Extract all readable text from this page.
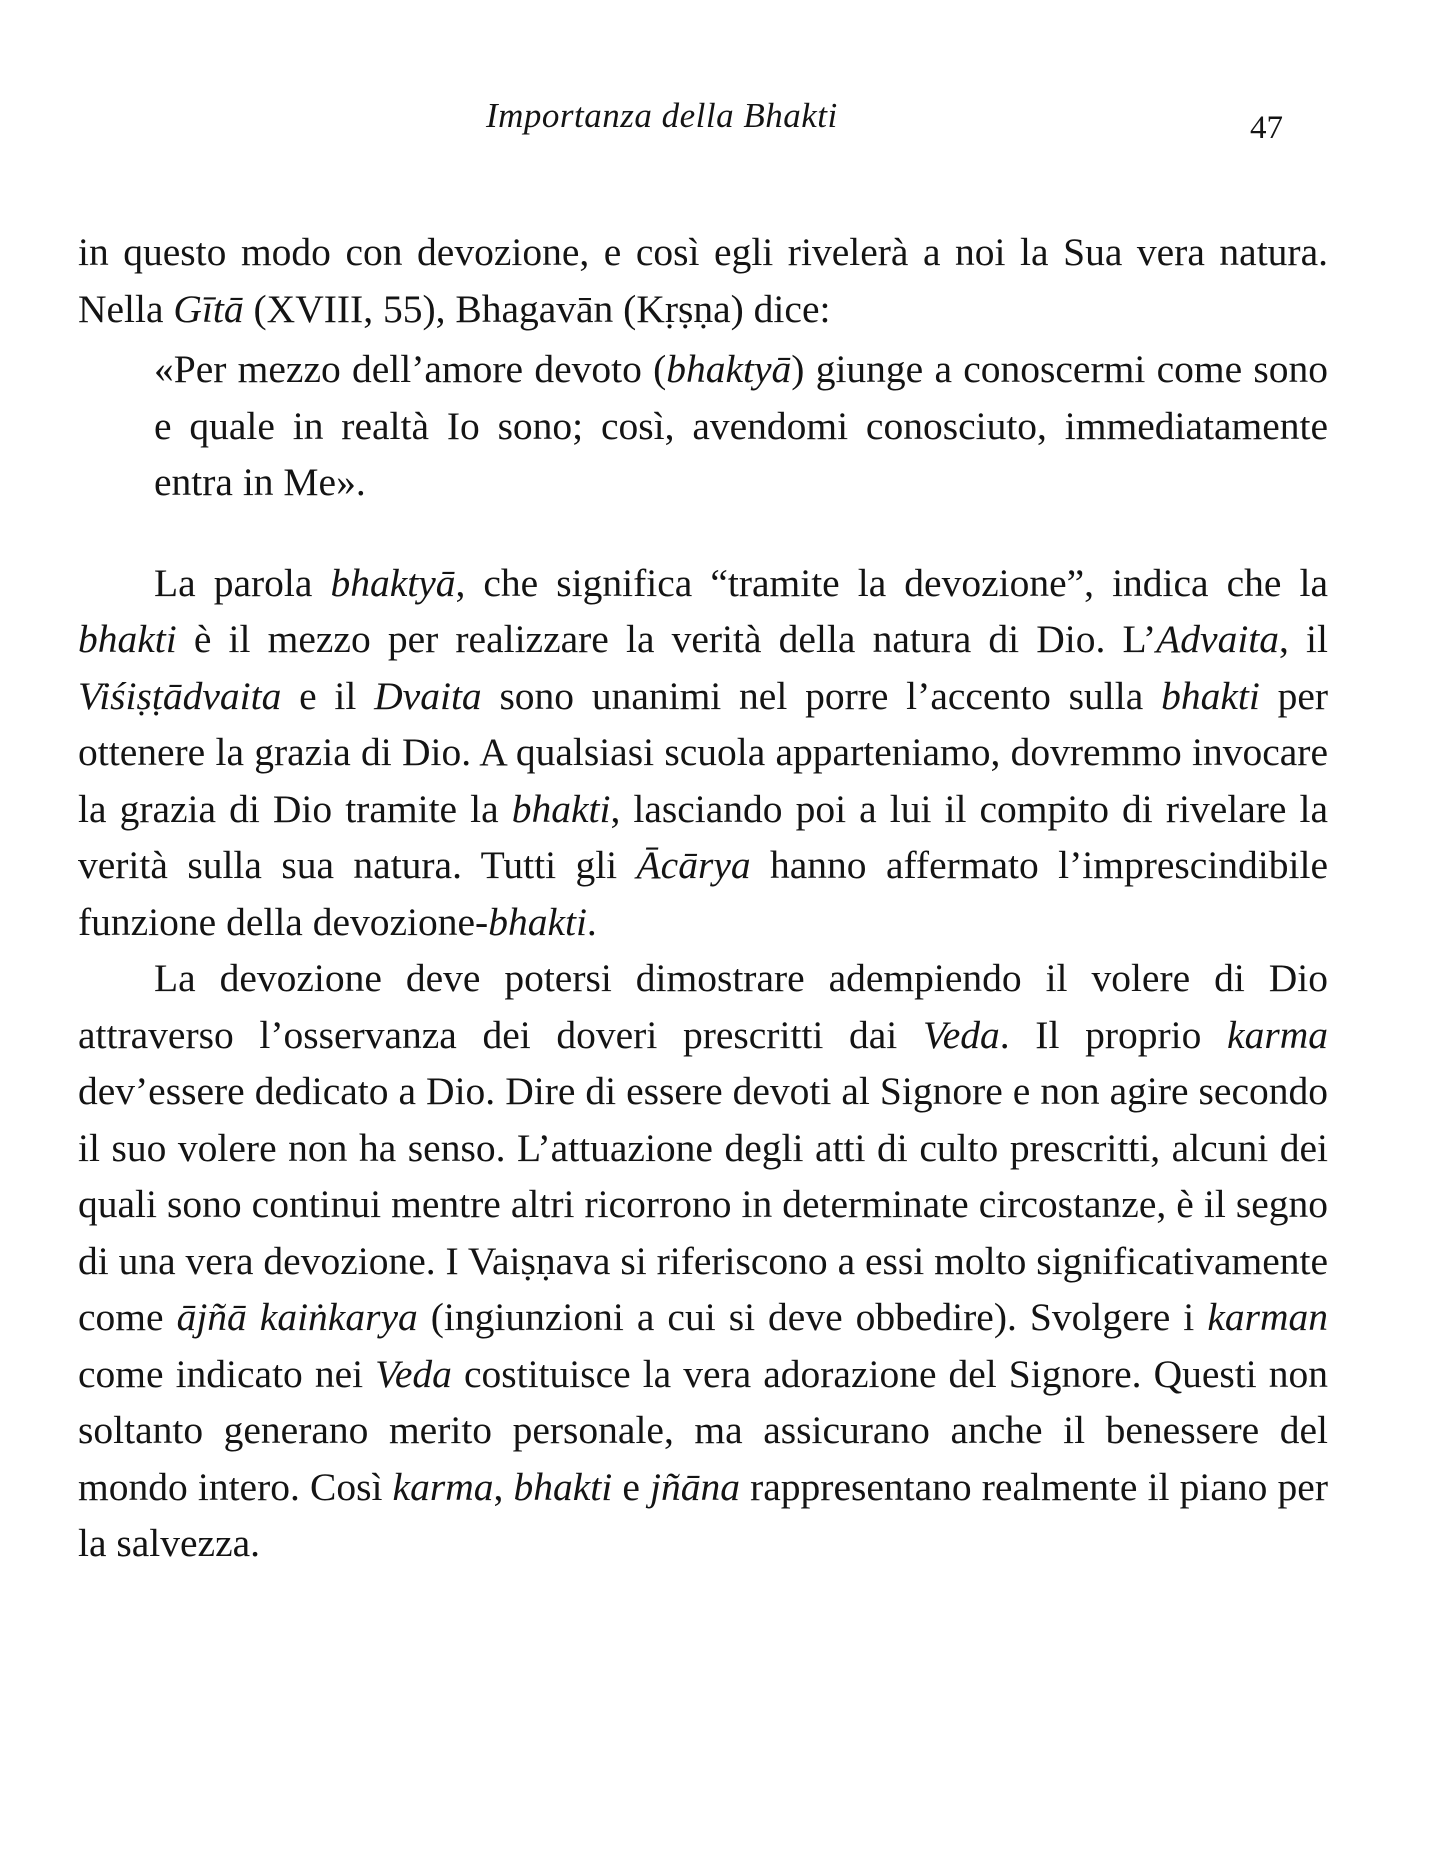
Importanza della Bhakti	47

in questo modo con devozione, e così egli rivelerà a noi la Sua vera natura. Nella Gītā (XVIII, 55), Bhagavān (Kṛṣṇa) dice:

«Per mezzo dell’amore devoto (bhaktyā) giunge a conoscermi come sono e quale in realtà Io sono; così, avendomi conosciuto, immediatamente entra in Me».

La parola bhaktyā, che significa “tramite la devozione”, indica che la bhakti è il mezzo per realizzare la verità della natura di Dio. L’Advaita, il Viśiṣṭādvaita e il Dvaita sono unanimi nel porre l’accento sulla bhakti per ottenere la grazia di Dio. A qualsiasi scuola apparteniamo, dovremmo invocare la grazia di Dio tramite la bhakti, lasciando poi a lui il compito di rivelare la verità sulla sua natura. Tutti gli Ācārya hanno affermato l’imprescindibile funzione della devozione-bhakti.

La devozione deve potersi dimostrare adempiendo il volere di Dio attraverso l’osservanza dei doveri prescritti dai Veda. Il proprio karma dev’essere dedicato a Dio. Dire di essere devoti al Signore e non agire secondo il suo volere non ha senso. L’attuazione degli atti di culto prescritti, alcuni dei quali sono continui mentre altri ricorrono in determinate circostanze, è il segno di una vera devozione. I Vaiṣṇava si riferiscono a essi molto significativamente come ājñā kaiṅkarya (ingiunzioni a cui si deve obbedire). Svolgere i karman come indicato nei Veda costituisce la vera adorazione del Signore. Questi non soltanto generano merito personale, ma assicurano anche il benessere del mondo intero. Così karma, bhakti e jñāna rappresentano realmente il piano per la salvezza.
